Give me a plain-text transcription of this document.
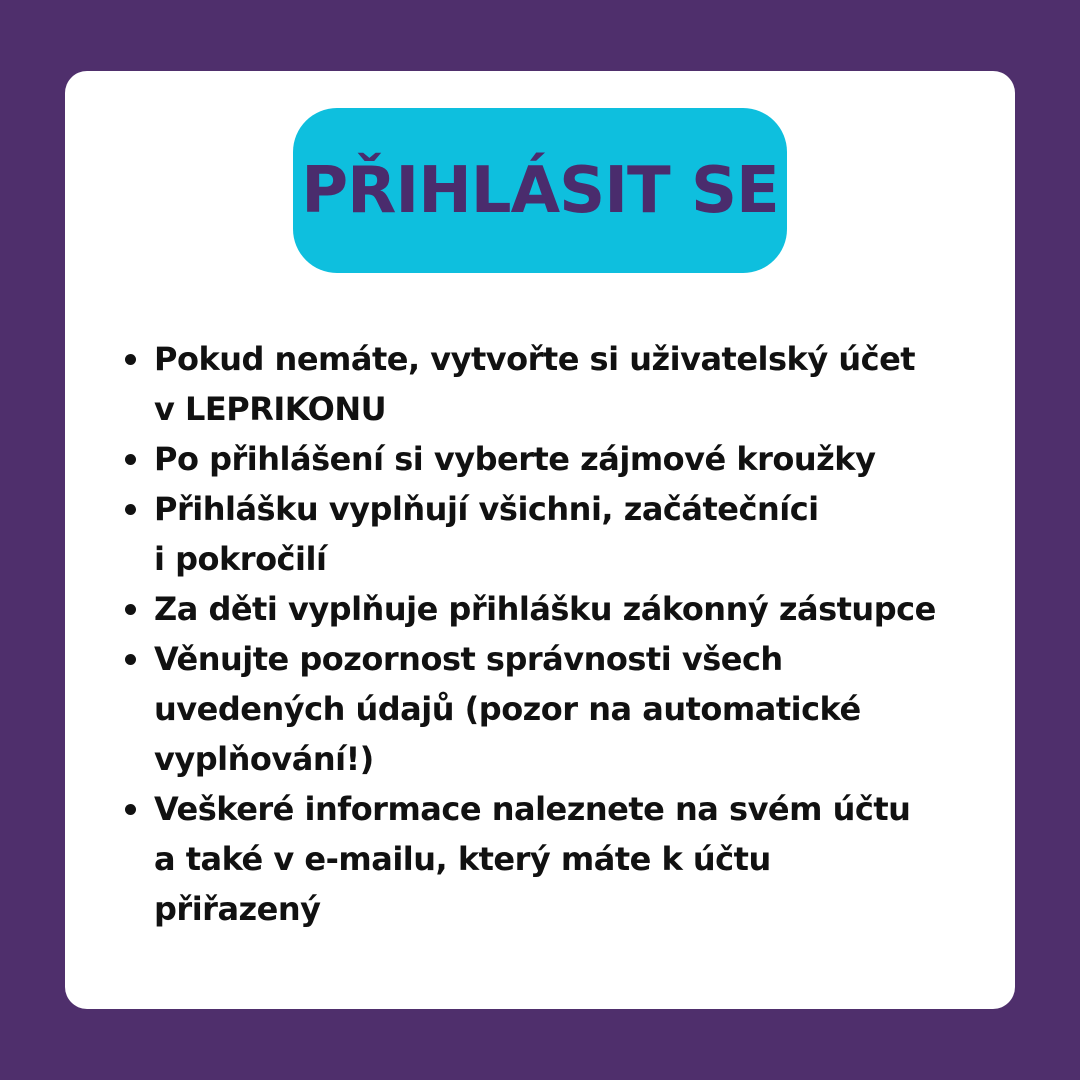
PŘIHLÁSIT SE
Pokud nemáte, vytvořte si uživatelský účet
v LEPRIKONU
Po přihlášení si vyberte zájmové kroužky
Přihlášku vyplňují všichni, začátečníci
i pokročilí
Za děti vyplňuje přihlášku zákonný zástupce
Věnujte pozornost správnosti všech
uvedených údajů (pozor na automatické
vyplňování!)
Veškeré informace naleznete na svém účtu
a také v e-mailu, který máte k účtu
přiřazený
